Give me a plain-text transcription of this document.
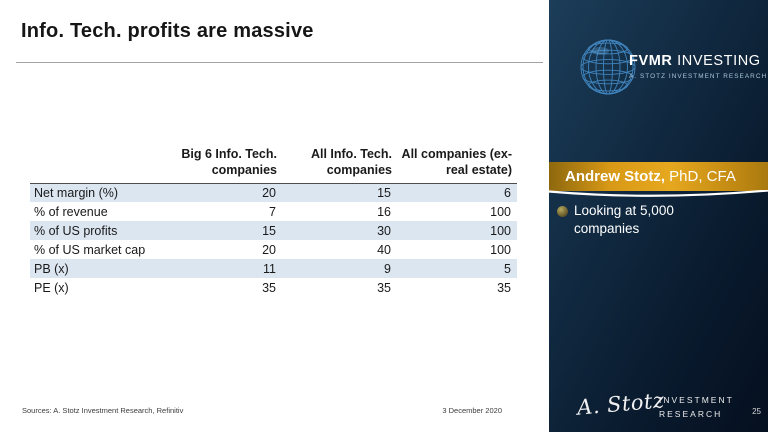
Info. Tech. profits are massive
	Big 6 Info. Tech. companies	All Info. Tech. companies	All companies (ex-real estate)
Net margin (%)	20	15	6
% of revenue	7	16	100
% of US profits	15	30	100
% of US market cap	20	40	100
PB (x)	11	9	5
PE (x)	35	35	35
Sources: A. Stotz Investment Research, Refinitiv	3 December 2020
FVMR INVESTING
A. STOTZ INVESTMENT RESEARCH
Andrew Stotz, PhD, CFA
Looking at 5,000 companies
A. Stotz
INVESTMENT
RESEARCH	25
